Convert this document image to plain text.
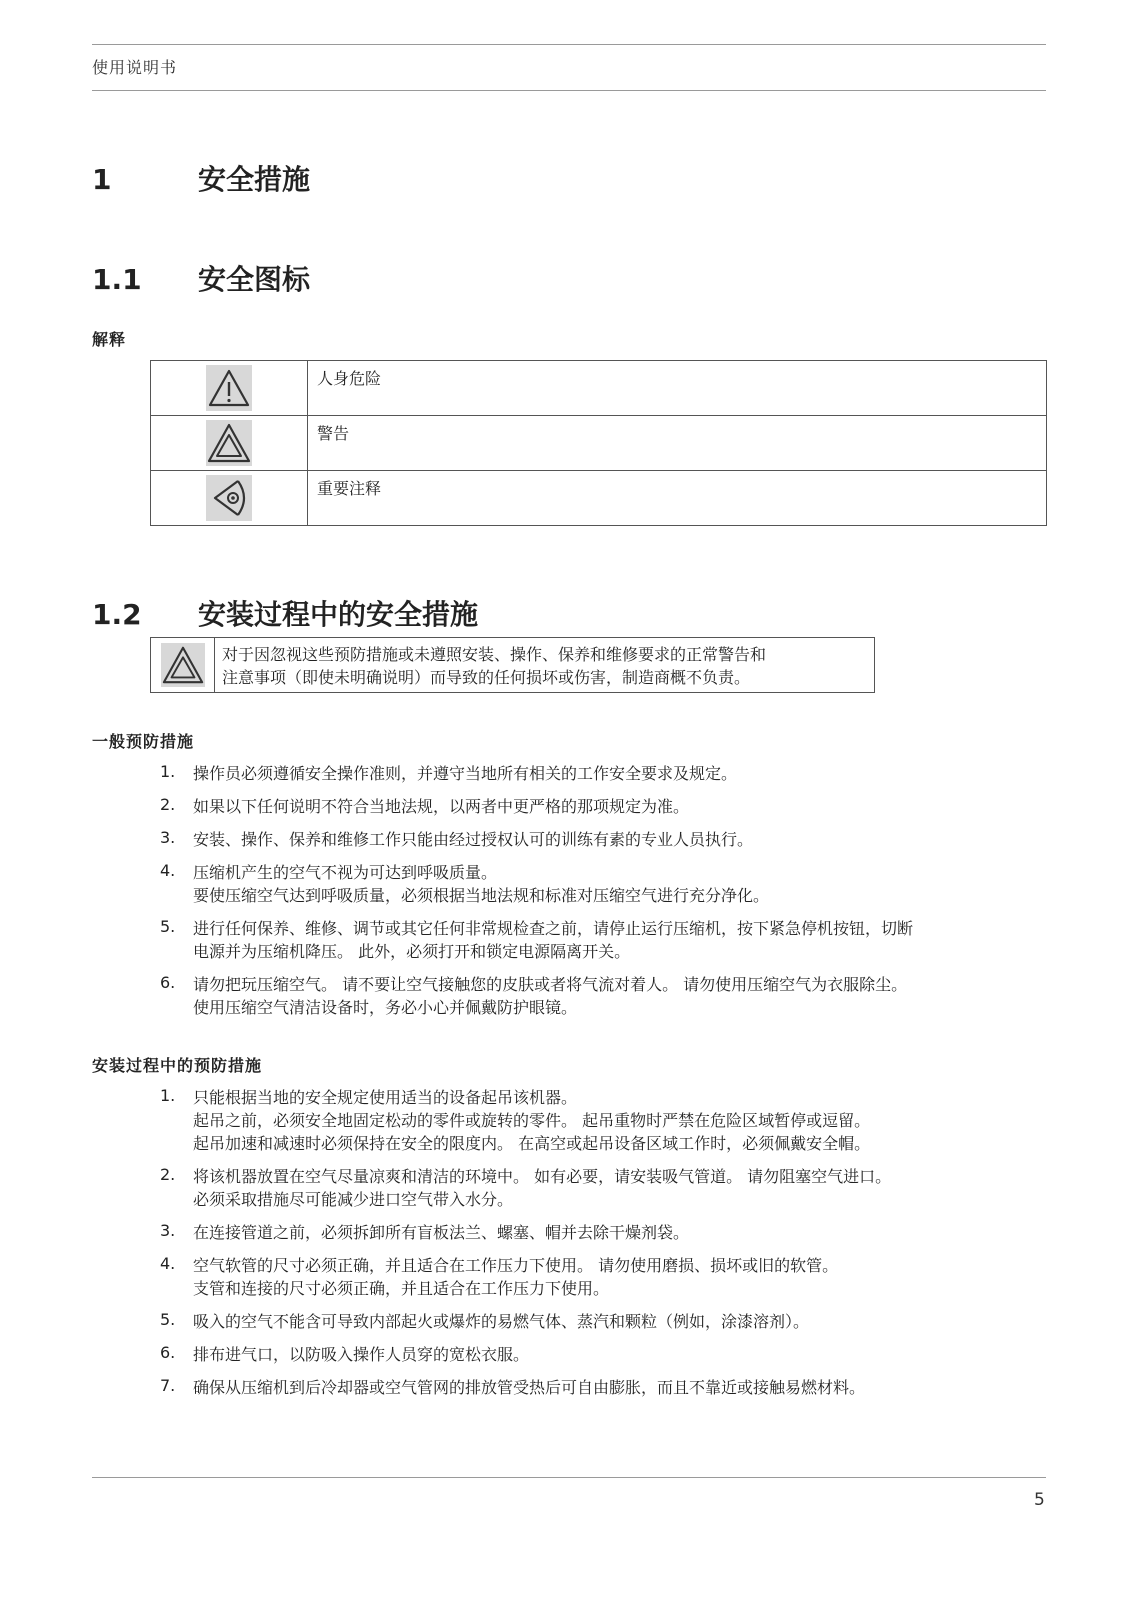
使用说明书
1	安全措施
1.1 安全图标
解释
	人身危险

	警告

	重要注释
1.2 安装过程中的安全措施
对于因忽视这些预防措施或未遵照安装、操作、保养和维修要求的正常警告和
注意事项（即使未明确说明）而导致的任何损坏或伤害，制造商概不负责。
一般预防措施
1.	操作员必须遵循安全操作准则，并遵守当地所有相关的工作安全要求及规定。
2.	如果以下任何说明不符合当地法规，以两者中更严格的那项规定为准。
3.	安装、操作、保养和维修工作只能由经过授权认可的训练有素的专业人员执行。
4.	压缩机产生的空气不视为可达到呼吸质量。
要使压缩空气达到呼吸质量，必须根据当地法规和标准对压缩空气进行充分净化。
5.	进行任何保养、维修、调节或其它任何非常规检查之前，请停止运行压缩机，按下紧急停机按钮，切断
电源并为压缩机降压。 此外，必须打开和锁定电源隔离开关。
6.	请勿把玩压缩空气。 请不要让空气接触您的皮肤或者将气流对着人。 请勿使用压缩空气为衣服除尘。
使用压缩空气清洁设备时，务必小心并佩戴防护眼镜。
安装过程中的预防措施
1.	只能根据当地的安全规定使用适当的设备起吊该机器。
起吊之前，必须安全地固定松动的零件或旋转的零件。 起吊重物时严禁在危险区域暂停或逗留。
起吊加速和减速时必须保持在安全的限度内。 在高空或起吊设备区域工作时，必须佩戴安全帽。
2.	将该机器放置在空气尽量凉爽和清洁的环境中。 如有必要，请安装吸气管道。 请勿阻塞空气进口。
必须采取措施尽可能减少进口空气带入水分。
3.	在连接管道之前，必须拆卸所有盲板法兰、螺塞、帽并去除干燥剂袋。
4.	空气软管的尺寸必须正确，并且适合在工作压力下使用。 请勿使用磨损、损坏或旧的软管。
支管和连接的尺寸必须正确，并且适合在工作压力下使用。
5.	吸入的空气不能含可导致内部起火或爆炸的易燃气体、蒸汽和颗粒（例如，涂漆溶剂）。
6.	排布进气口，以防吸入操作人员穿的宽松衣服。
7.	确保从压缩机到后冷却器或空气管网的排放管受热后可自由膨胀，而且不靠近或接触易燃材料。
5
